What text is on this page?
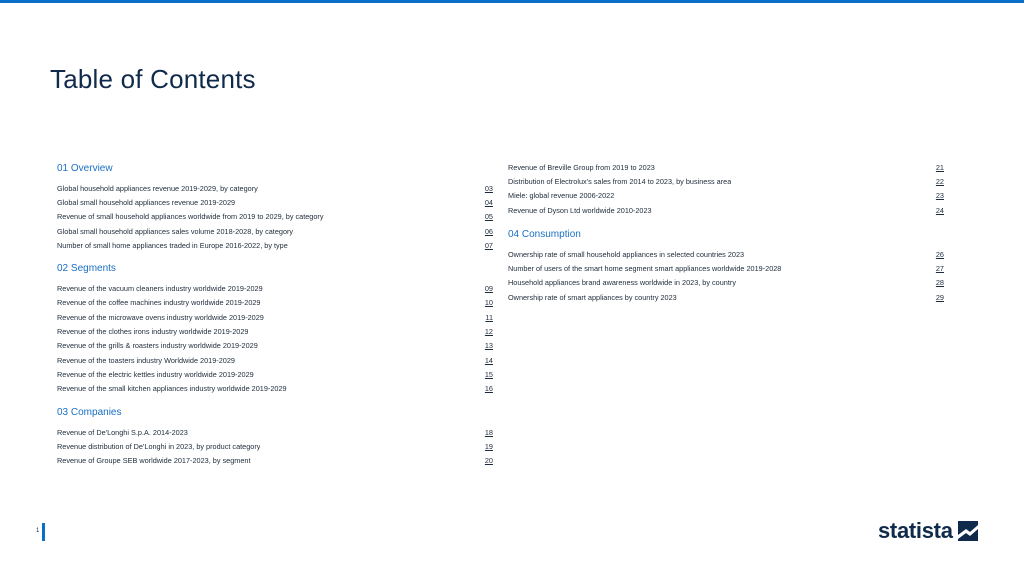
Table of Contents
01 Overview
Global household appliances revenue 2019-2029, by category	03
Global small household appliances revenue 2019-2029	04
Revenue of small household appliances worldwide from 2019 to 2029, by category	05
Global small household appliances sales volume 2018-2028, by category	06
Number of small home appliances traded in Europe 2016-2022, by type	07
02 Segments
Revenue of the vacuum cleaners industry worldwide 2019-2029	09
Revenue of the coffee machines industry worldwide 2019-2029	10
Revenue of the microwave ovens industry worldwide 2019-2029	11
Revenue of the clothes irons industry worldwide 2019-2029	12
Revenue of the grills & roasters industry worldwide 2019-2029	13
Revenue of the toasters industry Worldwide 2019-2029	14
Revenue of the electric kettles industry worldwide 2019-2029	15
Revenue of the small kitchen appliances industry worldwide 2019-2029	16
03 Companies
Revenue of De'Longhi S.p.A. 2014-2023	18
Revenue distribution of De'Longhi in 2023, by product category	19
Revenue of Groupe SEB worldwide 2017-2023, by segment	20
Revenue of Breville Group from 2019 to 2023	21
Distribution of Electrolux's sales from 2014 to 2023, by business area	22
Miele: global revenue 2006-2022	23
Revenue of Dyson Ltd worldwide 2010-2023	24
04 Consumption
Ownership rate of small household appliances in selected countries 2023	26
Number of users of the smart home segment smart appliances worldwide 2019-2028	27
Household appliances brand awareness worldwide in 2023, by country	28
Ownership rate of smart appliances by country 2023	29
1	statista
